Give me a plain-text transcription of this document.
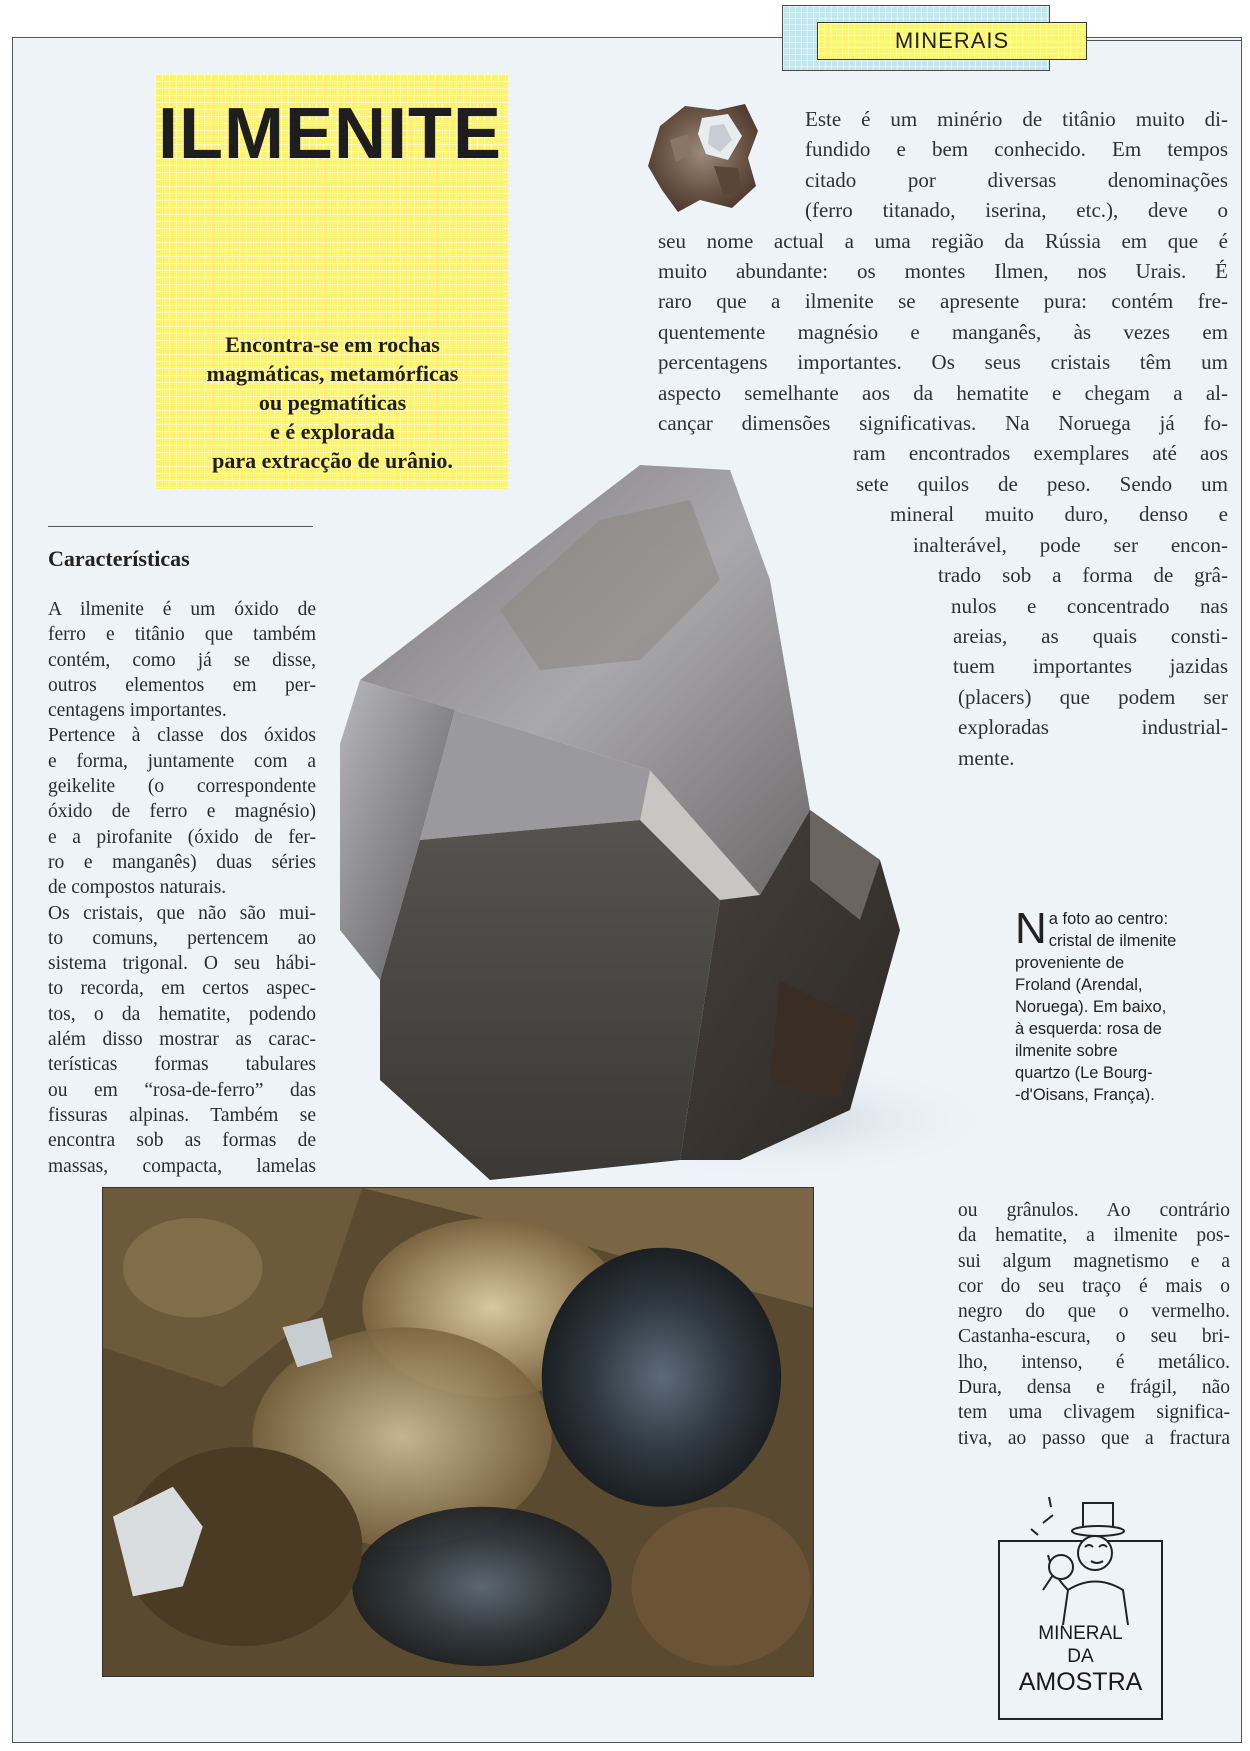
MINERAIS
ILMENITE
Encontra-se em rochas
magmáticas, metamórficas
ou pegmatíticas
e é explorada
para extracção de urânio.
Este é um minério de titânio muito di-
fundido e bem conhecido. Em tempos
citado por diversas denominações
(ferro titanado, iserina, etc.), deve o
seu nome actual a uma região da Rússia em que é
muito abundante: os montes Ilmen, nos Urais. É
raro que a ilmenite se apresente pura: contém fre-
quentemente magnésio e manganês, às vezes em
percentagens importantes. Os seus cristais têm um
aspecto semelhante aos da hematite e chegam a al-
cançar dimensões significativas. Na Noruega já fo-
ram encontrados exemplares até aos
sete quilos de peso. Sendo um
mineral muito duro, denso e
inalterável, pode ser encon-
trado sob a forma de grâ-
nulos e concentrado nas
areias, as quais consti-
tuem importantes jazidas
(placers) que podem ser
exploradas industrial-
mente.
Características
A ilmenite é um óxido de
ferro e titânio que também
contém, como já se disse,
outros elementos em per-
centagens importantes.
Pertence à classe dos óxidos
e forma, juntamente com a
geikelite (o correspondente
óxido de ferro e magnésio)
e a pirofanite (óxido de fer-
ro e manganês) duas séries
de compostos naturais.
Os cristais, que não são mui-
to comuns, pertencem ao
sistema trigonal. O seu hábi-
to recorda, em certos aspec-
tos, o da hematite, podendo
além disso mostrar as carac-
terísticas formas tabulares
ou em “rosa-de-ferro” das
fissuras alpinas. Também se
encontra sob as formas de
massas, compacta, lamelas
N a foto ao centro:
cristal de ilmenite
proveniente de
Froland (Arendal,
Noruega). Em baixo,
à esquerda: rosa de
ilmenite sobre
quartzo (Le Bourg-
-d'Oisans, França).
ou grânulos. Ao contrário
da hematite, a ilmenite pos-
sui algum magnetismo e a
cor do seu traço é mais o
negro do que o vermelho.
Castanha-escura, o seu bri-
lho, intenso, é metálico.
Dura, densa e frágil, não
tem uma clivagem significa-
tiva, ao passo que a fractura
MINERAL
DA
AMOSTRA
